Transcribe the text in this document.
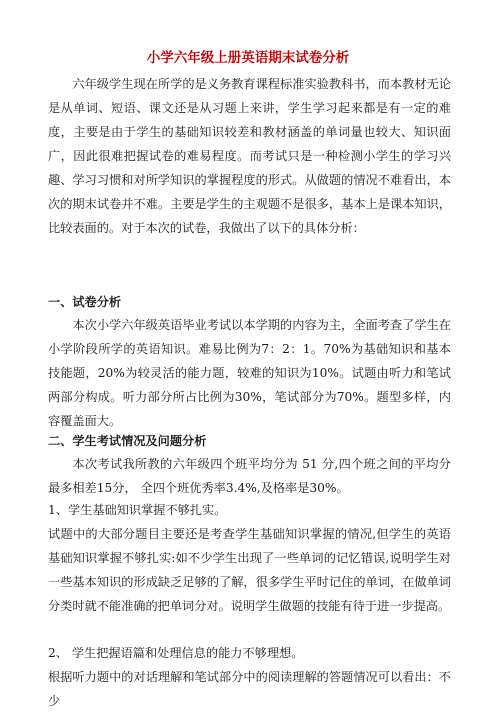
小学六年级上册英语期末试卷分析

六年级学生现在所学的是义务教育课程标准实验教科书，而本教材无论是从单词、短语、课文还是从习题上来讲，学生学习起来都是有一定的难度，主要是由于学生的基础知识较差和教材涵盖的单词量也较大、知识面广，因此很难把握试卷的难易程度。而考试只是一种检测小学生的学习兴趣、学习习惯和对所学知识的掌握程度的形式。从做题的情况不难看出，本次的期末试卷并不难。主要是学生的主观题不是很多，基本上是课本知识，比较表面的。对于本次的试卷，我做出了以下的具体分析：

一、试卷分析

本次小学六年级英语毕业考试以本学期的内容为主，全面考查了学生在小学阶段所学的英语知识。难易比例为7：2：1。70%为基础知识和基本技能题，20%为较灵活的能力题，较难的知识为10%。试题由听力和笔试两部分构成。听力部分所占比例为30%，笔试部分为70%。题型多样，内容覆盖面大。

二、学生考试情况及问题分析

本次考试我所教的六年级四个班平均分为 51 分,四个班之间的平均分最多相差15分， 全四个班优秀率3.4%,及格率是30%。

1、学生基础知识掌握不够扎实。

试题中的大部分题目主要还是考查学生基础知识掌握的情况,但学生的英语基础知识掌握不够扎实:如不少学生出现了一些单词的记忆错误,说明学生对一些基本知识的形成缺乏足够的了解，很多学生平时记住的单词，在做单词分类时就不能准确的把单词分对。说明学生做题的技能有待于进一步提高。

2、 学生把握语篇和处理信息的能力不够理想。

根据听力题中的对话理解和笔试部分中的阅读理解的答题情况可以看出：不少
